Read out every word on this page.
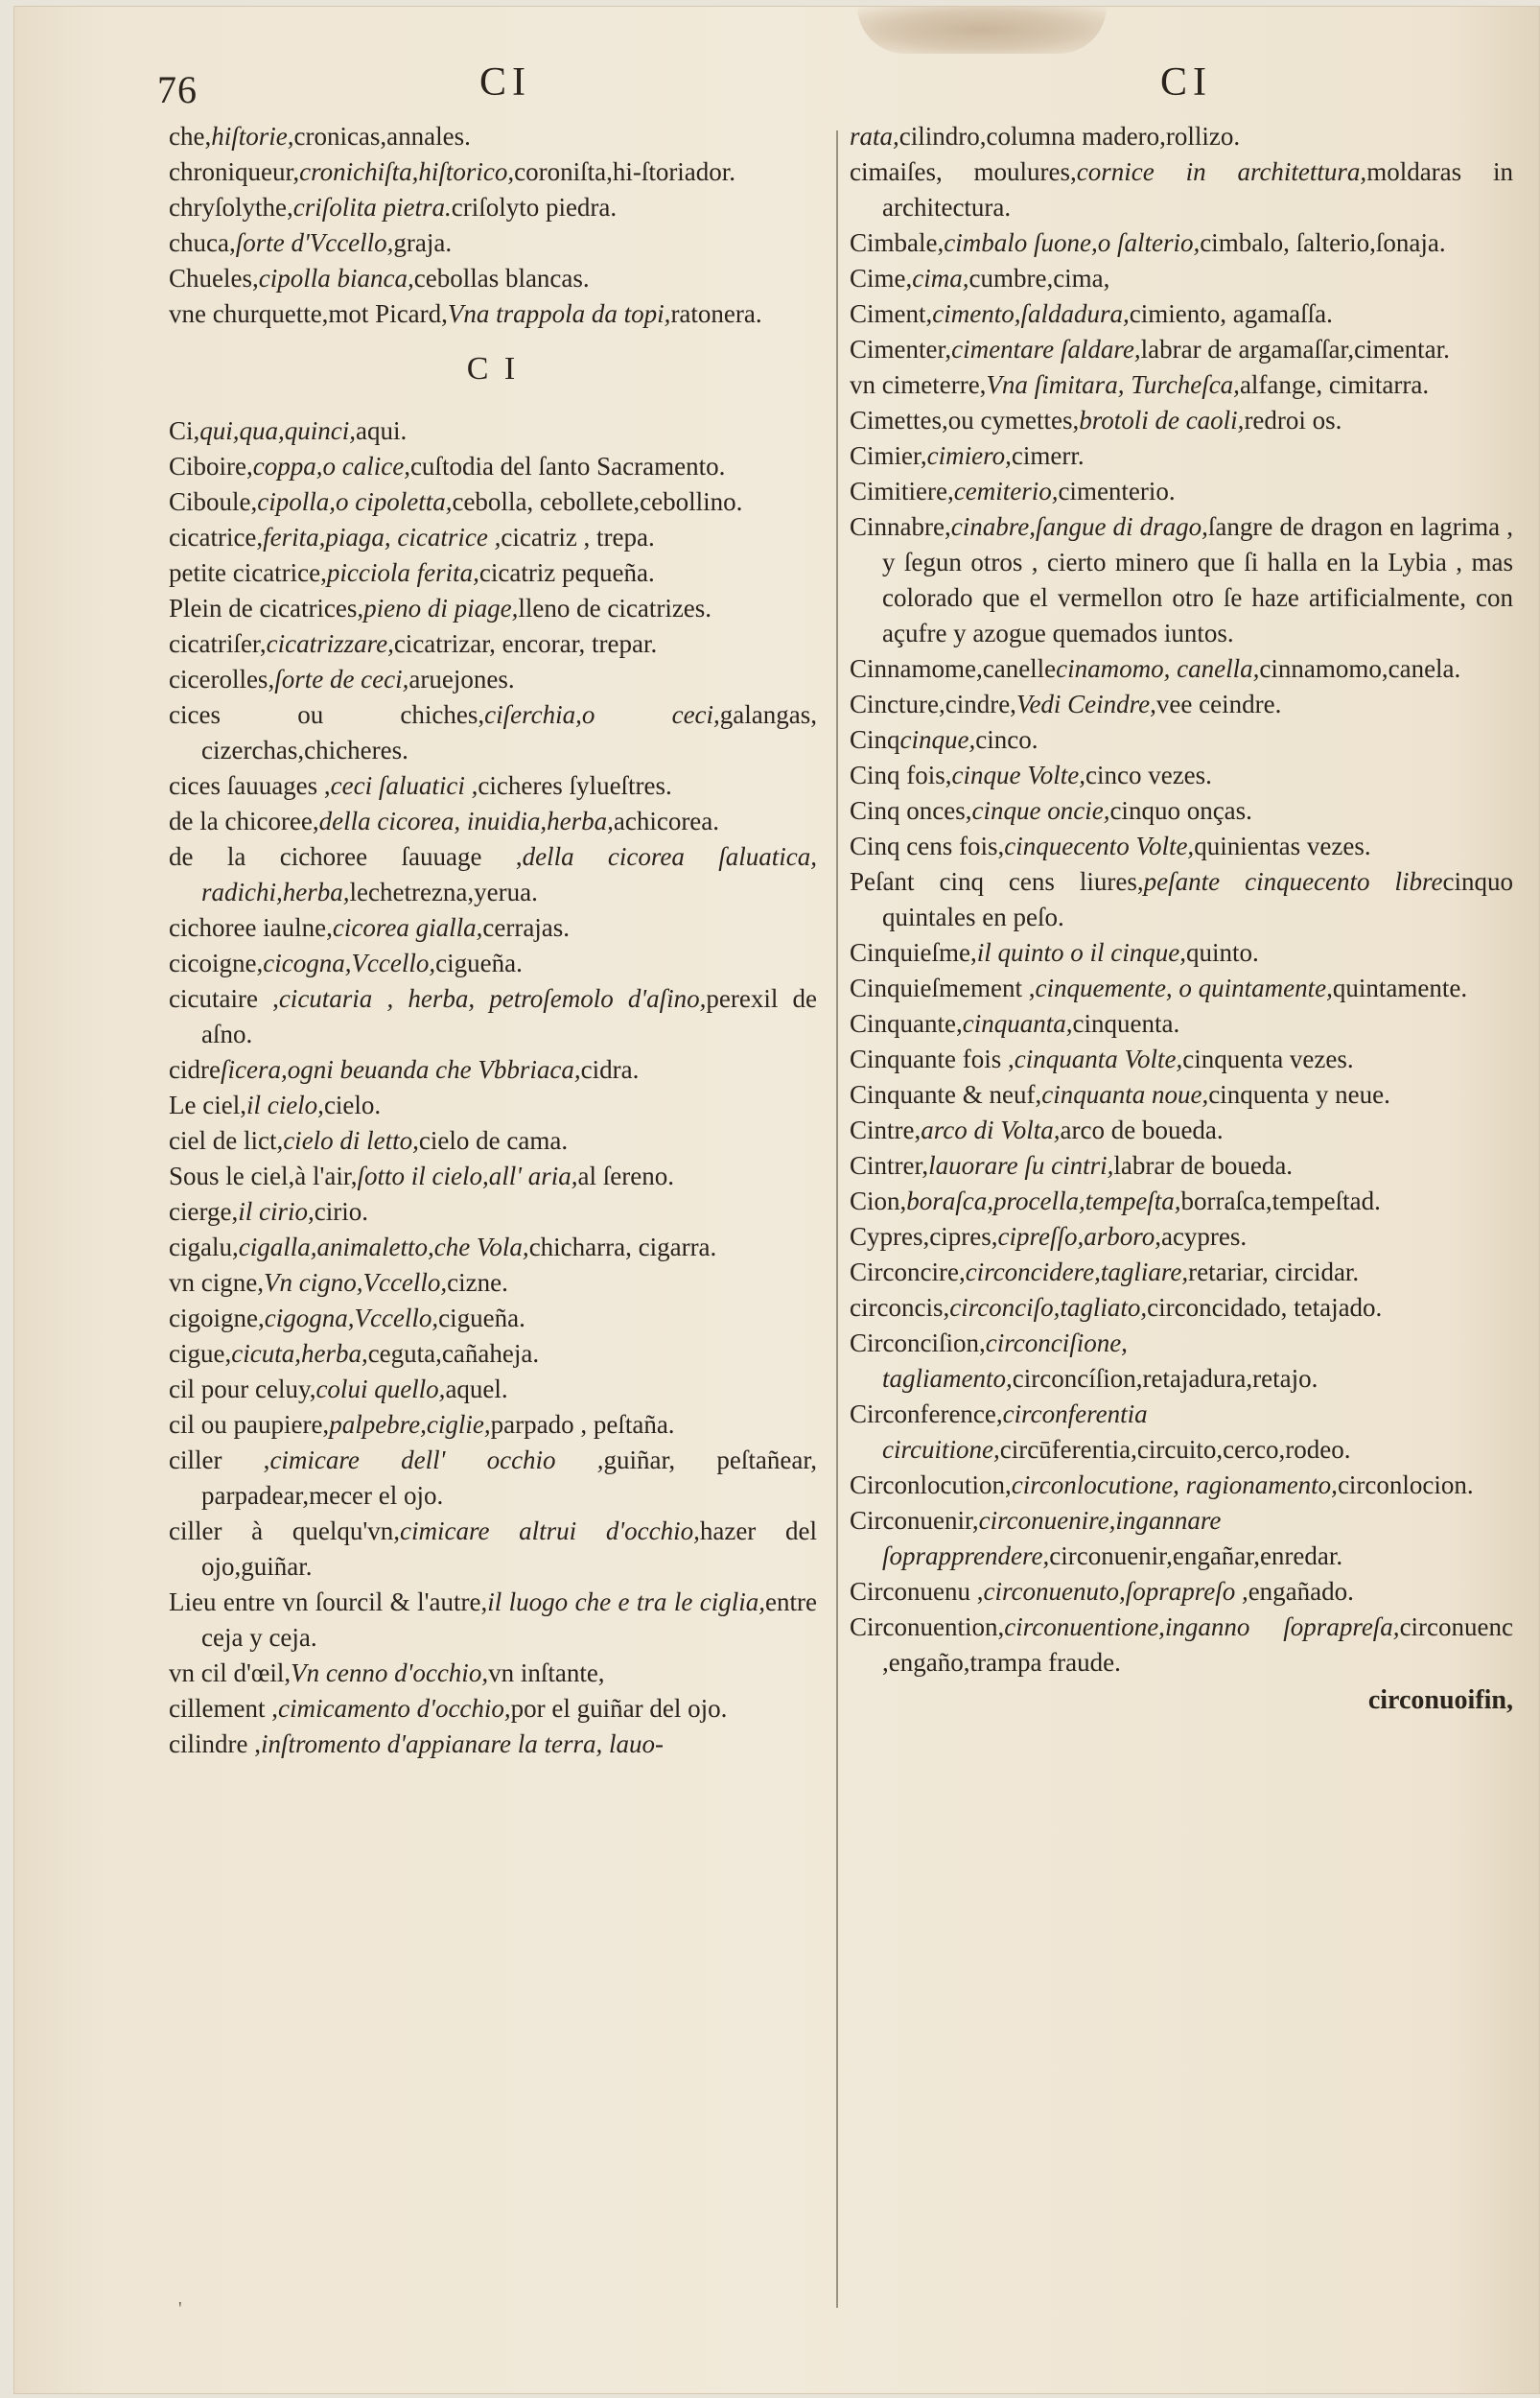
76	CI	CI

che,hiſtorie,cronicas,annales.

chroniqueur,cronichiſta,hiſtorico,coroniſta,hi-ſtoriador.

chryſolythe,criſolita pietra.criſolyto piedra.

chuca,ſorte d'Vccello,graja.

Chueles,cipolla bianca,cebollas blancas.

vne churquette,mot Picard,Vna trappola da topi,ratonera.

C I

Ci,qui,qua,quinci,aqui.

Ciboire,coppa,o calice,cuſtodia del ſanto Sacramento.

Ciboule,cipolla,o cipoletta,cebolla, cebollete,cebollino.

cicatrice,ferita,piaga, cicatrice ,cicatriz , trepa.

petite cicatrice,picciola ferita,cicatriz pequeña.

Plein de cicatrices,pieno di piage,lleno de cicatrizes.

cicatriſer,cicatrizzare,cicatrizar, encorar, trepar.

cicerolles,ſorte de ceci,aruejones.

cices ou chiches,ciſerchia,o ceci,galangas, cizerchas,chicheres.

cices ſauuages ,ceci ſaluatici ,cicheres ſylueſtres.

de la chicoree,della cicorea, inuidia,herba,achicorea.

de la cichoree ſauuage ,della cicorea ſaluatica, radichi,herba,lechetrezna,yerua.

cichoree iaulne,cicorea gialla,cerrajas.

cicoigne,cicogna,Vccello,cigueña.

cicutaire ,cicutaria , herba, petroſemolo d'aſino,perexil de aſno.

cidreſicera,ogni beuanda che Vbbriaca,cidra.

Le ciel,il cielo,cielo.

ciel de lict,cielo di letto,cielo de cama.

Sous le ciel,à l'air,ſotto il cielo,all' aria,al ſereno.

cierge,il cirio,cirio.

cigalu,cigalla,animaletto,che Vola,chicharra, cigarra.

vn cigne,Vn cigno,Vccello,cizne.

cigoigne,cigogna,Vccello,cigueña.

cigue,cicuta,herba,ceguta,cañaheja.

cil pour celuy,colui quello,aquel.

cil ou paupiere,palpebre,ciglie,parpado , peſtaña.

ciller ,cimicare dell' occhio ,guiñar, peſtañear, parpadear,mecer el ojo.

ciller à quelqu'vn,cimicare altrui d'occhio,hazer del ojo,guiñar.

Lieu entre vn ſourcil & l'autre,il luogo che e tra le ciglia,entre ceja y ceja.

vn cil d'œil,Vn cenno d'occhio,vn inſtante,

cillement ,cimicamento d'occhio,por el guiñar del ojo.

cilindre ,inſtromento d'appianare la terra, lauo-

rata,cilindro,columna madero,rollizo.

cimaiſes, moulures,cornice in architettura,moldaras in architectura.

Cimbale,cimbalo ſuone,o ſalterio,cimbalo, ſalterio,ſonaja.

Cime,cima,cumbre,cima,

Ciment,cimento,ſaldadura,cimiento, agamaſſa.

Cimenter,cimentare ſaldare,labrar de argamaſſar,cimentar.

vn cimeterre,Vna ſimitara, Turcheſca,alfange, cimitarra.

Cimettes,ou cymettes,brotoli de caoli,redroi os.

Cimier,cimiero,cimerr.

Cimitiere,cemiterio,cimenterio.

Cinnabre,cinabre,ſangue di drago,ſangre de dragon en lagrima , y ſegun otros , cierto minero que ſi halla en la Lybia , mas colorado que el vermellon otro ſe haze artificialmente, con açufre y azogue quemados iuntos.

Cinnamome,canellecinamomo, canella,cinnamomo,canela.

Cincture,cindre,Vedi Ceindre,vee ceindre.

Cinqcinque,cinco.

Cinq fois,cinque Volte,cinco vezes.

Cinq onces,cinque oncie,cinquo onças.

Cinq cens fois,cinquecento Volte,quinientas vezes.

Peſant cinq cens liures,peſante cinquecento librecinquo quintales en peſo.

Cinquieſme,il quinto o il cinque,quinto.

Cinquieſmement ,cinquemente, o quintamente,quintamente.

Cinquante,cinquanta,cinquenta.

Cinquante fois ,cinquanta Volte,cinquenta vezes.

Cinquante & neuf,cinquanta noue,cinquenta y neue.

Cintre,arco di Volta,arco de boueda.

Cintrer,lauorare ſu cintri,labrar de boueda.

Cion,boraſca,procella,tempeſta,borraſca,tempeſtad.

Cypres,cipres,cipreſſo,arboro,acypres.

Circoncire,circoncidere,tagliare,retariar, circidar.

circoncis,circonciſo,tagliato,circoncidado, tetajado.

Circonciſion,circonciſione, tagliamento,circoncíſion,retajadura,retajo.

Circonference,circonferentia circuitione,circūferentia,circuito,cerco,rodeo.

Circonlocution,circonlocutione, ragionamento,circonlocion.

Circonuenir,circonuenire,ingannare ſoprapprendere,circonuenir,engañar,enredar.

Circonuenu ,circonuenuto,ſoprapreſo ,engañado.

Circonuention,circonuentione,inganno ſoprapreſa,circonuenc ,engaño,trampa fraude.

circonuoifin,
'
